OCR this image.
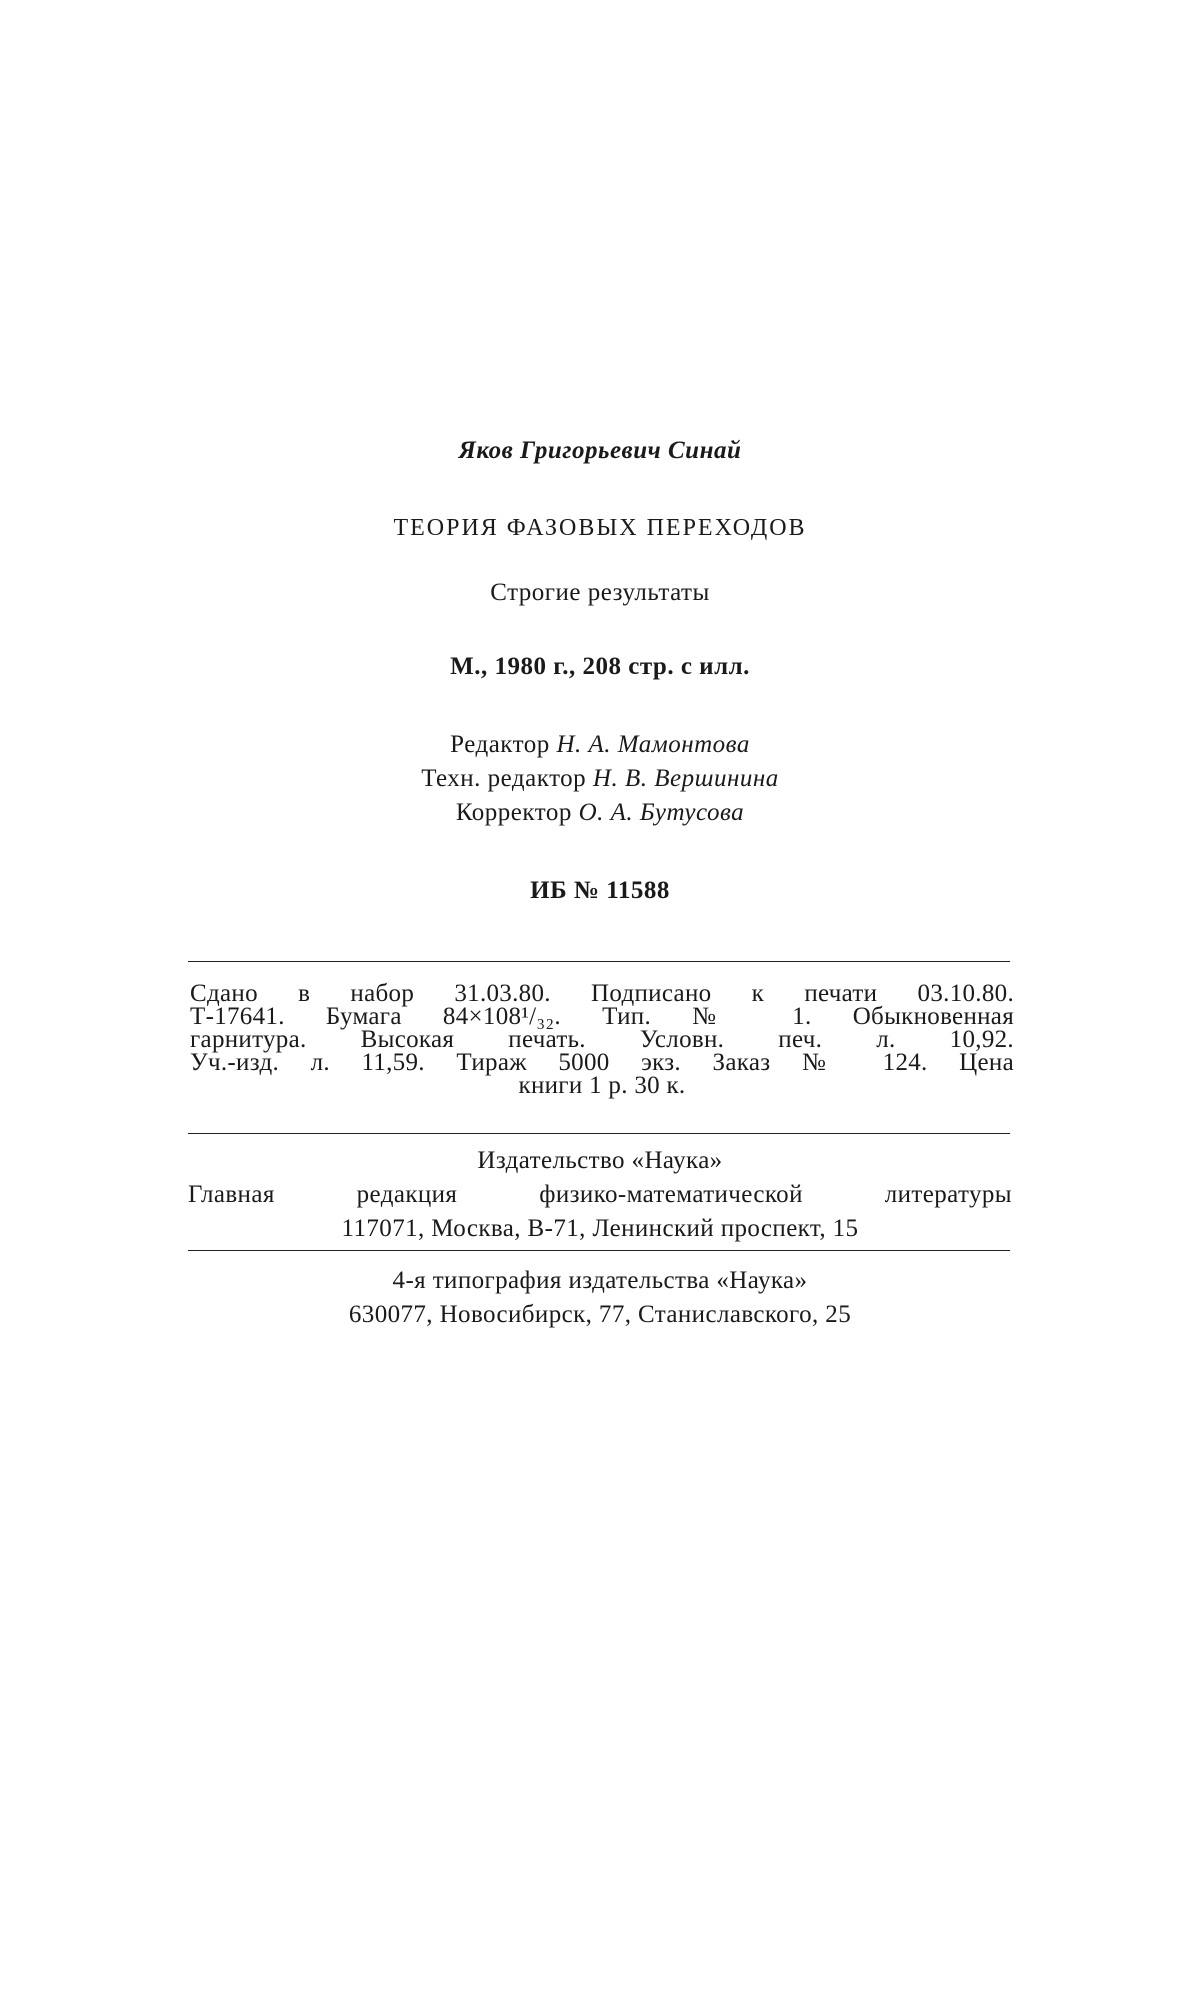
Яков Григорьевич Синай
ТЕОРИЯ ФАЗОВЫХ ПЕРЕХОДОВ
Строгие результаты
М., 1980 г., 208 стр. с илл.
Редактор Н. А. Мамонтова
Техн. редактор Н. В. Вершинина
Корректор О. А. Бутусова
ИБ № 11588
Сдано в набор 31.03.80. Подписано к печати 03.10.80.
Т-17641. Бумага 84×108¹/₃₂. Тип. № 1. Обыкновенная
гарнитура. Высокая печать. Условн. печ. л. 10,92.
Уч.-изд. л. 11,59. Тираж 5000 экз. Заказ № 124. Цена
книги 1 р. 30 к.
Издательство «Наука»
Главная редакция физико-математической литературы
117071, Москва, В-71, Ленинский проспект, 15
4-я типография издательства «Наука»
630077, Новосибирск, 77, Станиславского, 25
